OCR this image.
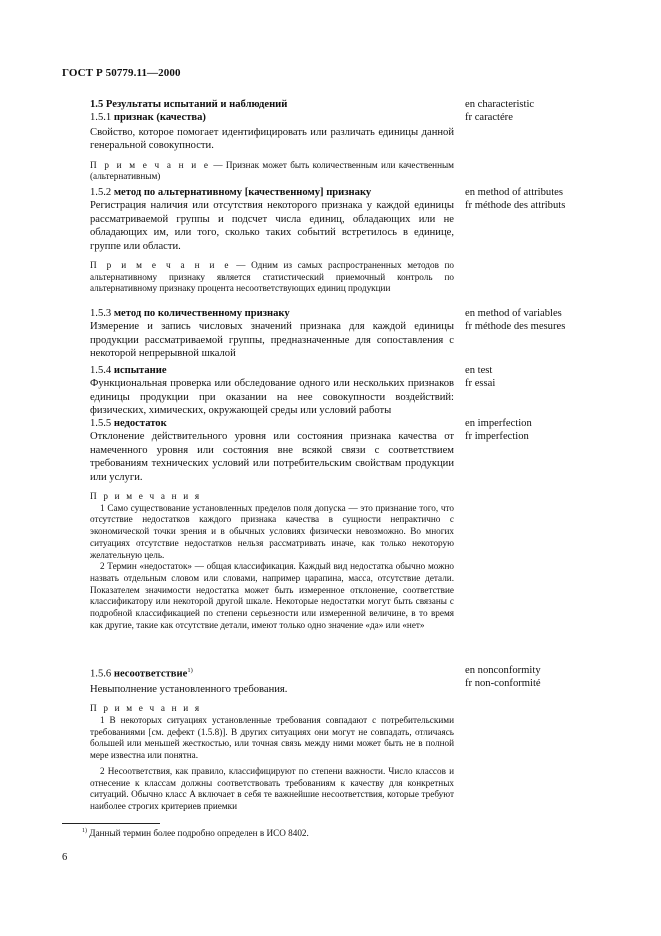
ГОСТ Р 50779.11—2000

1.5 Результаты испытаний и наблюдений

1.5.1 признак (качества)

Свойство, которое помогает идентифицировать или различать единицы данной генеральной совокупности.

П р и м е ч а н и е — Признак может быть количественным или качественным (альтернативным)

1.5.2 метод по альтернативному [качественному] признаку

Регистрация наличия или отсутствия некоторого признака у каждой единицы рассматриваемой группы и подсчет числа единиц, обладающих или не обладающих им, или того, сколько таких событий встретилось в единице, группе или области.

П р и м е ч а н и е — Одним из самых распространенных методов по альтернативному признаку является статистический приемочный контроль по альтернативному признаку процента несоответствующих единиц продукции

1.5.3 метод по количественному признаку

Измерение и запись числовых значений признака для каждой единицы продукции рассматриваемой группы, предназначенные для сопоставления с некоторой непрерывной шкалой

1.5.4 испытание

Функциональная проверка или обследование одного или нескольких признаков единицы продукции при оказании на нее совокупности воздействий: физических, химических, окружающей среды или условий работы

1.5.5 недостаток

Отклонение действительного уровня или состояния признака качества от намеченного уровня или состояния вне всякой связи с соответствием требованиям технических условий или потребительским свойствам продукции или услуги.

П р и м е ч а н и я

1 Само существование установленных пределов поля допуска — это признание того, что отсутствие недостатков каждого признака качества в сущности непрактично с экономической точки зрения и в обычных условиях физически невозможно. Во многих ситуациях отсутствие недостатков нельзя рассматривать иначе, как только некоторую желательную цель.

2 Термин «недостаток» — общая классификация. Каждый вид недостатка обычно можно назвать отдельным словом или словами, например царапина, масса, отсутствие детали. Показателем значимости недостатка может быть измеренное отклонение, соответствие классификатору или некоторой другой шкале. Некоторые недостатки могут быть связаны с подробной классификацией по степени серьезности или измеренной величине, в то время как другие, такие как отсутствие детали, имеют только одно значение «да» или «нет»

1.5.6 несоответствие$^{1)}$

Невыполнение установленного требования.

П р и м е ч а н и я

1 В некоторых ситуациях установленные требования совпадают с потребительскими требованиями [см. дефект (1.5.8)]. В других ситуациях они могут не совпадать, отличаясь большей или меньшей жесткостью, или точная связь между ними может быть не в полной мере известна или понятна.

2 Несоответствия, как правило, классифицируют по степени важности. Число классов и отнесение к классам должны соответствовать требованиям к качеству для конкретных ситуаций. Обычно класс A включает в себя те важнейшие несоответствия, которые требуют наиболее строгих критериев приемки

en characteristic
fr caractére
en method of attributes
fr méthode des attributs
en method of variables
fr méthode des mesures
en test
fr essai
en imperfection
fr imperfection
en nonconformity
fr non-conformité
$^{1)}$ Данный термин более подробно определен в ИСО 8402.
6
